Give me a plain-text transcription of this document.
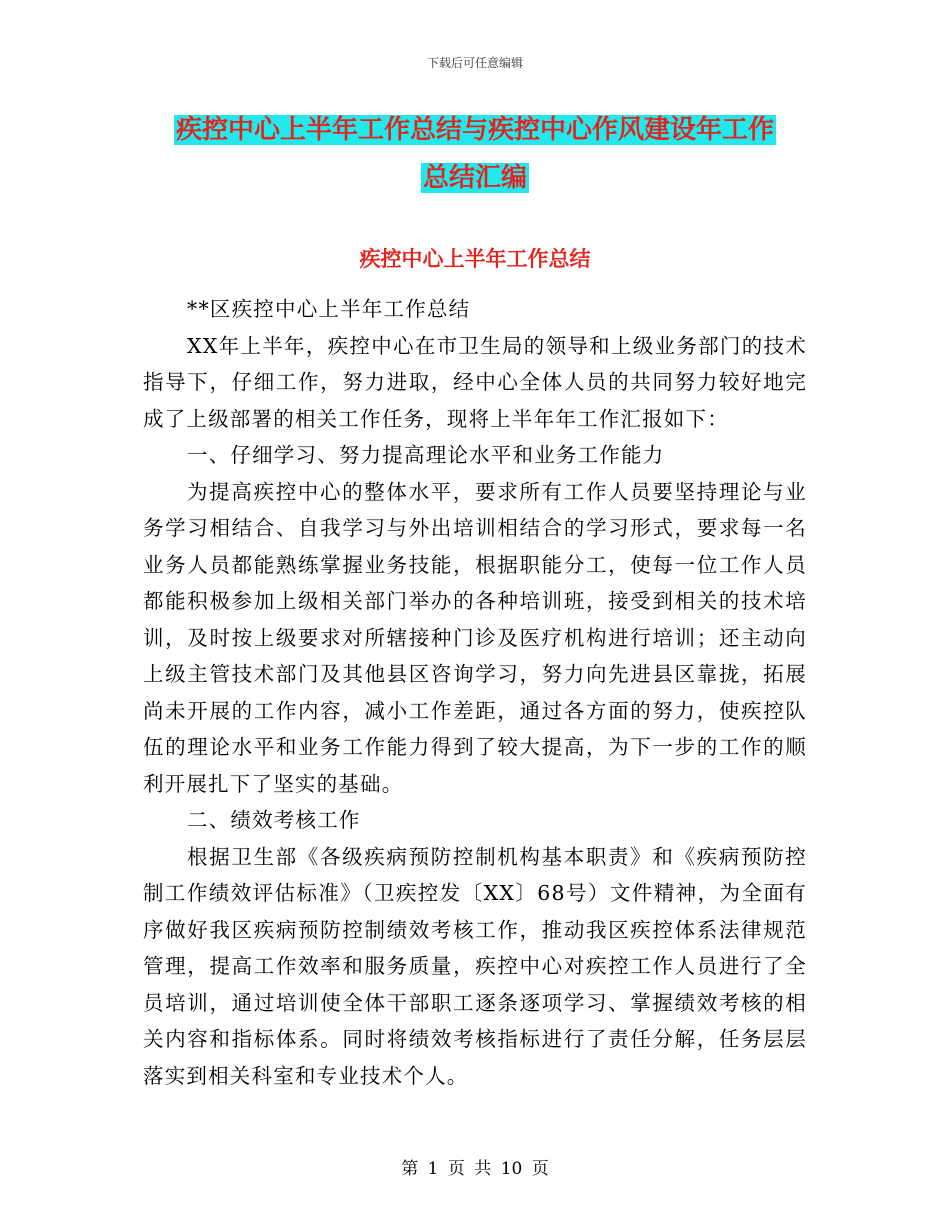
下载后可任意编辑
疾控中心上半年工作总结与疾控中心作风建设年工作
总结汇编
疾控中心上半年工作总结

**区疾控中心上半年工作总结

XX年上半年，疾控中心在市卫生局的领导和上级业务部门的技术指导下，仔细工作，努力进取，经中心全体人员的共同努力较好地完成了上级部署的相关工作任务，现将上半年年工作汇报如下：

一、仔细学习、努力提高理论水平和业务工作能力

为提高疾控中心的整体水平，要求所有工作人员要坚持理论与业务学习相结合、自我学习与外出培训相结合的学习形式，要求每一名业务人员都能熟练掌握业务技能，根据职能分工，使每一位工作人员都能积极参加上级相关部门举办的各种培训班，接受到相关的技术培训，及时按上级要求对所辖接种门诊及医疗机构进行培训；还主动向上级主管技术部门及其他县区咨询学习，努力向先进县区靠拢，拓展尚未开展的工作内容，减小工作差距，通过各方面的努力，使疾控队伍的理论水平和业务工作能力得到了较大提高，为下一步的工作的顺利开展扎下了坚实的基础。

二、绩效考核工作

根据卫生部《各级疾病预防控制机构基本职责》和《疾病预防控制工作绩效评估标准》（卫疾控发〔XX〕68号）文件精神，为全面有序做好我区疾病预防控制绩效考核工作，推动我区疾控体系法律规范管理，提高工作效率和服务质量，疾控中心对疾控工作人员进行了全员培训，通过培训使全体干部职工逐条逐项学习、掌握绩效考核的相关内容和指标体系。同时将绩效考核指标进行了责任分解，任务层层落实到相关科室和专业技术个人。

第 1 页 共 10 页
